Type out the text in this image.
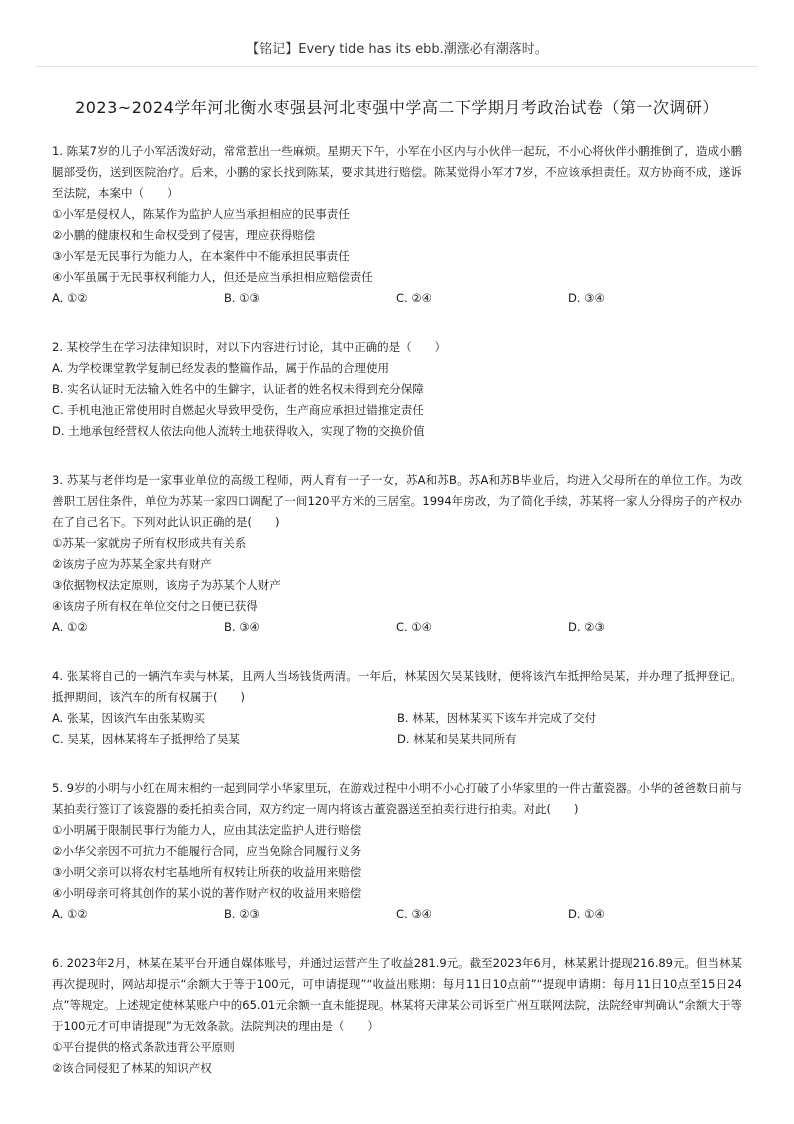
【铭记】Every tide has its ebb.潮涨必有潮落时。
2023~2024学年河北衡水枣强县河北枣强中学高二下学期月考政治试卷（第一次调研）

1. 陈某7岁的儿子小军活泼好动，常常惹出一些麻烦。星期天下午，小军在小区内与小伙伴一起玩，不小心将伙伴小鹏推倒了，造成小鹏腿部受伤，送到医院治疗。后来，小鹏的家长找到陈某，要求其进行赔偿。陈某觉得小军才7岁，不应该承担责任。双方协商不成，遂诉至法院，本案中（　　）

①小军是侵权人，陈某作为监护人应当承担相应的民事责任

②小鹏的健康权和生命权受到了侵害，理应获得赔偿

③小军是无民事行为能力人，在本案件中不能承担民事责任

④小军虽属于无民事权利能力人，但还是应当承担相应赔偿责任

A. ①②	B. ①③	C. ②④	D. ③④

2. 某校学生在学习法律知识时，对以下内容进行讨论，其中正确的是（　　）

A. 为学校课堂教学复制已经发表的整篇作品，属于作品的合理使用

B. 实名认证时无法输入姓名中的生僻字，认证者的姓名权未得到充分保障

C. 手机电池正常使用时自燃起火导致甲受伤，生产商应承担过错推定责任

D. 土地承包经营权人依法向他人流转土地获得收入，实现了物的交换价值

3. 苏某与老伴均是一家事业单位的高级工程师，两人育有一子一女，苏A和苏B。苏A和苏B毕业后，均进入父母所在的单位工作。为改善职工居住条件，单位为苏某一家四口调配了一间120平方米的三居室。1994年房改，为了简化手续，苏某将一家人分得房子的产权办在了自己名下。下列对此认识正确的是(　　)

①苏某一家就房子所有权形成共有关系

②该房子应为苏某全家共有财产

③依据物权法定原则，该房子为苏某个人财产

④该房子所有权在单位交付之日便已获得

A. ①②	B. ③④	C. ①④	D. ②③

4. 张某将自己的一辆汽车卖与林某，且两人当场钱货两清。一年后，林某因欠吴某钱财，便将该汽车抵押给吴某，并办理了抵押登记。抵押期间，该汽车的所有权属于(　　)

A. 张某，因该汽车由张某购买	B. 林某，因林某买下该车并完成了交付
C. 吴某，因林某将车子抵押给了吴某	D. 林某和吴某共同所有

5. 9岁的小明与小红在周末相约一起到同学小华家里玩，在游戏过程中小明不小心打破了小华家里的一件古董瓷器。小华的爸爸数日前与某拍卖行签订了该瓷器的委托拍卖合同，双方约定一周内将该古董瓷器送至拍卖行进行拍卖。对此(　　)

①小明属于限制民事行为能力人，应由其法定监护人进行赔偿

②小华父亲因不可抗力不能履行合同，应当免除合同履行义务

③小明父亲可以将农村宅基地所有权转让所获的收益用来赔偿

④小明母亲可将其创作的某小说的著作财产权的收益用来赔偿

A. ①②	B. ②③	C. ③④	D. ①④

6. 2023年2月，林某在某平台开通自媒体账号，并通过运营产生了收益281.9元。截至2023年6月，林某累计提现216.89元。但当林某再次提现时，网站却提示“余额大于等于100元，可申请提现”“收益出账期：每月11日10点前”“提现申请期：每月11日10点至15日24点”等规定。上述规定使林某账户中的65.01元余额一直未能提现。林某将天津某公司诉至广州互联网法院，法院经审判确认“余额大于等于100元才可申请提现”为无效条款。法院判决的理由是（　　）

①平台提供的格式条款违背公平原则

②该合同侵犯了林某的知识产权
